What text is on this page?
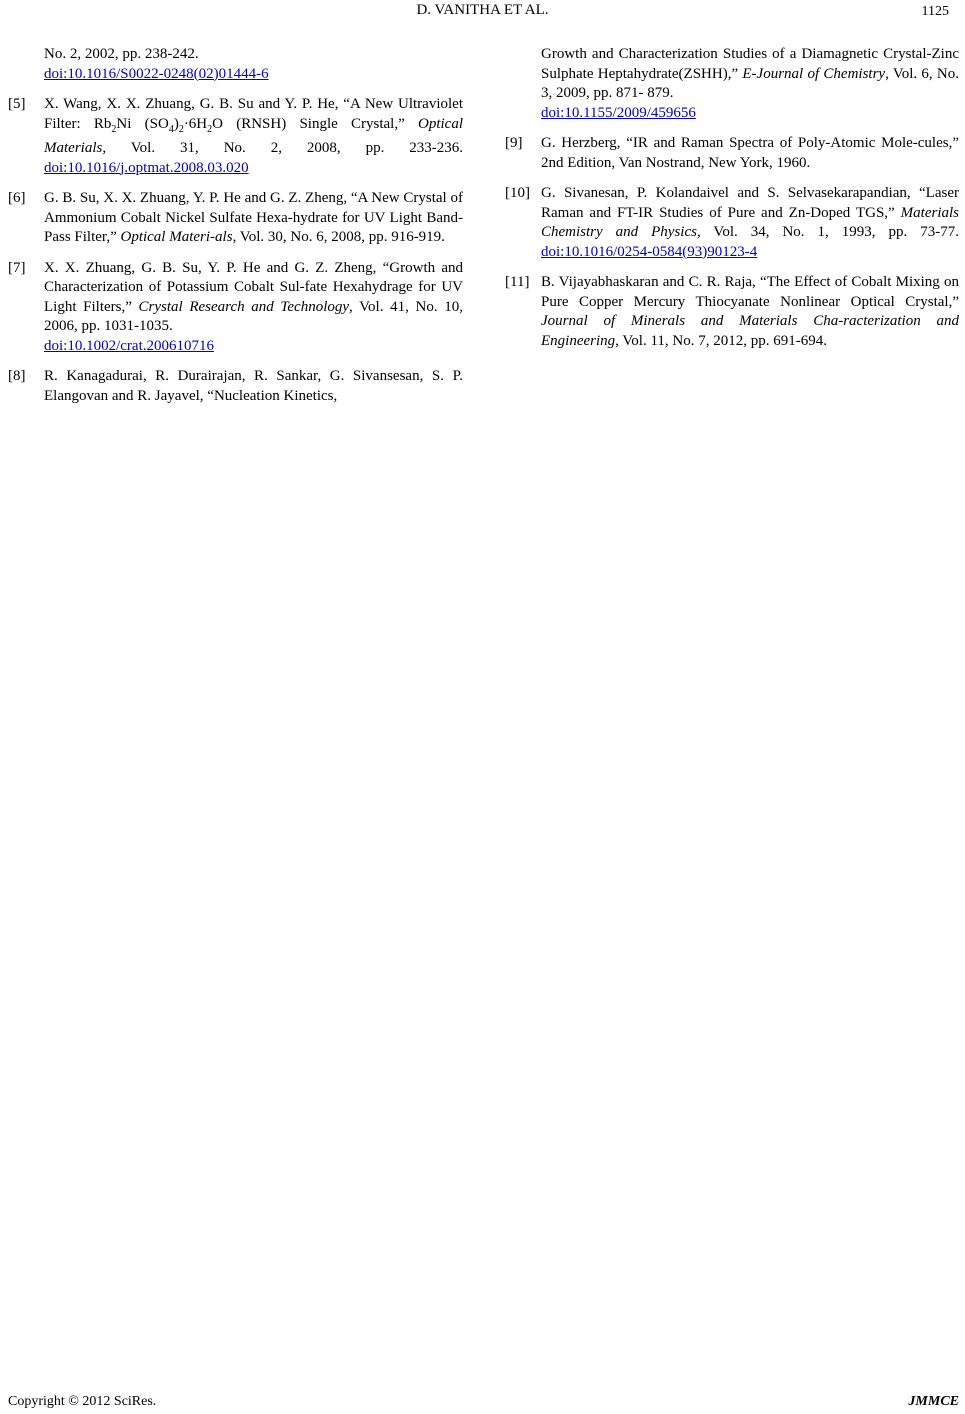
D. VANITHA ET AL.	1125
No. 2, 2002, pp. 238-242.
doi:10.1016/S0022-0248(02)01444-6
[5]	X. Wang, X. X. Zhuang, G. B. Su and Y. P. He, “A New Ultraviolet Filter: $Rb_2Ni$ $(SO_4)_2\cdot 6H_2O$ (RNSH) Single Crystal,” Optical Materials, Vol. 31, No. 2, 2008, pp. 233-236. doi:10.1016/j.optmat.2008.03.020
[6]	G. B. Su, X. X. Zhuang, Y. P. He and G. Z. Zheng, “A New Crystal of Ammonium Cobalt Nickel Sulfate Hexa-hydrate for UV Light Band-Pass Filter,” Optical Materi-als, Vol. 30, No. 6, 2008, pp. 916-919.
[7]	X. X. Zhuang, G. B. Su, Y. P. He and G. Z. Zheng, “Growth and Characterization of Potassium Cobalt Sul-fate Hexahydrage for UV Light Filters,” Crystal Research and Technology, Vol. 41, No. 10, 2006, pp. 1031-1035.
doi:10.1002/crat.200610716
[8]	R. Kanagadurai, R. Durairajan, R. Sankar, G. Sivansesan, S. P. Elangovan and R. Jayavel, “Nucleation Kinetics,
Growth and Characterization Studies of a Diamagnetic Crystal-Zinc Sulphate Heptahydrate(ZSHH),” E-Journal of Chemistry, Vol. 6, No. 3, 2009, pp. 871- 879.
doi:10.1155/2009/459656
[9]	G. Herzberg, “IR and Raman Spectra of Poly-Atomic Mole-cules,” 2nd Edition, Van Nostrand, New York, 1960.
[10] G. Sivanesan, P. Kolandaivel and S. Selvasekarapandian, “Laser Raman and FT-IR Studies of Pure and Zn-Doped TGS,” Materials Chemistry and Physics, Vol. 34, No. 1, 1993, pp. 73-77. doi:10.1016/0254-0584(93)90123-4
[11] B. Vijayabhaskaran and C. R. Raja, “The Effect of Cobalt Mixing on Pure Copper Mercury Thiocyanate Nonlinear Optical Crystal,” Journal of Minerals and Materials Cha-racterization and Engineering, Vol. 11, No. 7, 2012, pp. 691-694.
Copyright © 2012 SciRes.	JMMCE
